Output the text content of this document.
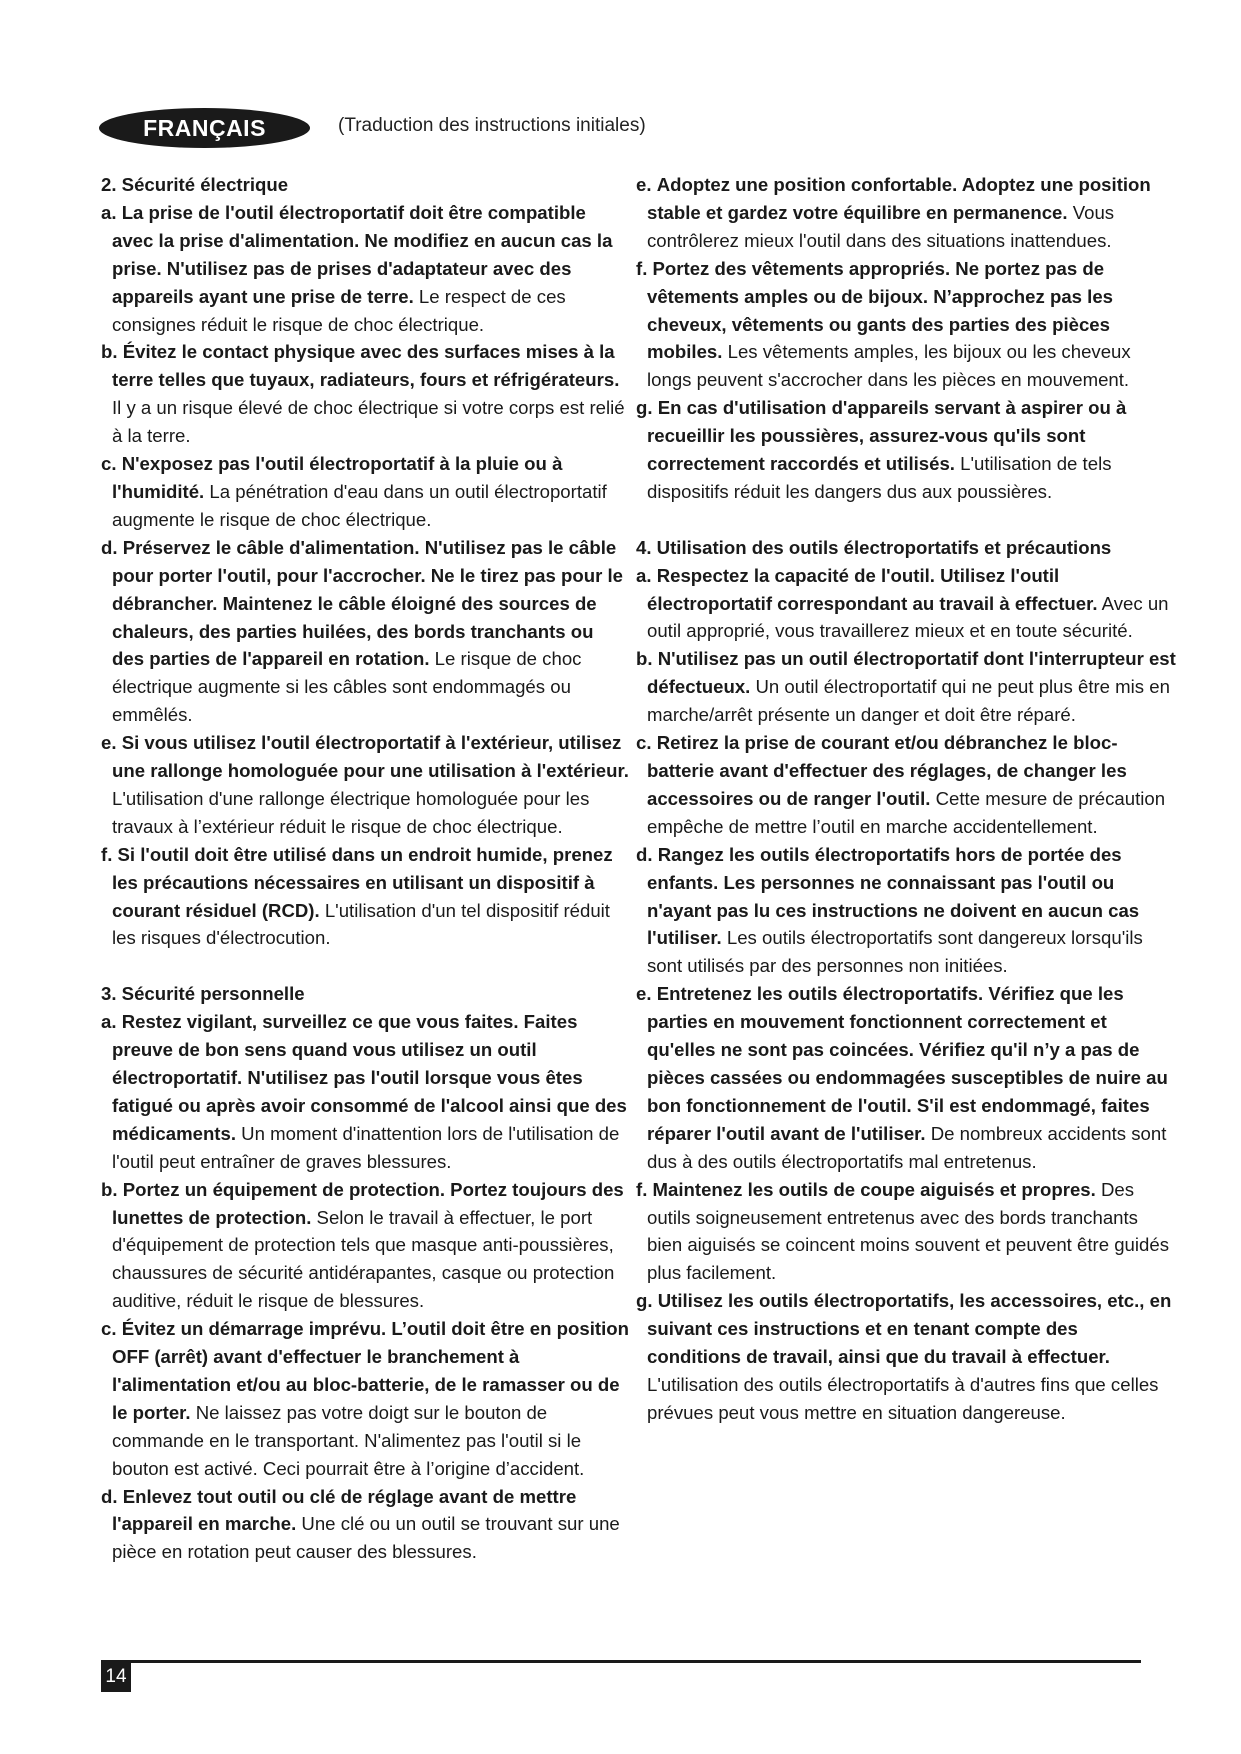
FRANÇAIS	(Traduction des instructions initiales)

2. Sécurité électrique

a. La prise de l'outil électroportatif doit être compatible avec la prise d'alimentation. Ne modifiez en aucun cas la prise. N'utilisez pas de prises d'adaptateur avec des appareils ayant une prise de terre. Le respect de ces consignes réduit le risque de choc électrique.

b. Évitez le contact physique avec des surfaces mises à la terre telles que tuyaux, radiateurs, fours et réfrigérateurs. Il y a un risque élevé de choc électrique si votre corps est relié à la terre.

c. N'exposez pas l'outil électroportatif à la pluie ou à l'humidité. La pénétration d'eau dans un outil électroportatif augmente le risque de choc électrique.

d. Préservez le câble d'alimentation. N'utilisez pas le câble pour porter l'outil, pour l'accrocher. Ne le tirez pas pour le débrancher. Maintenez le câble éloigné des sources de chaleurs, des parties huilées, des bords tranchants ou des parties de l'appareil en rotation. Le risque de choc électrique augmente si les câbles sont endommagés ou emmêlés.

e. Si vous utilisez l'outil électroportatif à l'extérieur, utilisez une rallonge homologuée pour une utilisation à l'extérieur. L'utilisation d'une rallonge électrique homologuée pour les travaux à l’extérieur réduit le risque de choc électrique.

f. Si l'outil doit être utilisé dans un endroit humide, prenez les précautions nécessaires en utilisant un dispositif à courant résiduel (RCD). L'utilisation d'un tel dispositif réduit les risques d'électrocution.

3. Sécurité personnelle

a. Restez vigilant, surveillez ce que vous faites. Faites preuve de bon sens quand vous utilisez un outil électroportatif. N'utilisez pas l'outil lorsque vous êtes fatigué ou après avoir consommé de l'alcool ainsi que des médicaments. Un moment d'inattention lors de l'utilisation de l'outil peut entraîner de graves blessures.

b. Portez un équipement de protection. Portez toujours des lunettes de protection. Selon le travail à effectuer, le port d'équipement de protection tels que masque anti-poussières, chaussures de sécurité antidérapantes, casque ou protection auditive, réduit le risque de blessures.

c. Évitez un démarrage imprévu. L’outil doit être en position OFF (arrêt) avant d'effectuer le branchement à l'alimentation et/ou au bloc-batterie, de le ramasser ou de le porter. Ne laissez pas votre doigt sur le bouton de commande en le transportant. N'alimentez pas l'outil si le bouton est activé. Ceci pourrait être à l’origine d’accident.

d. Enlevez tout outil ou clé de réglage avant de mettre l'appareil en marche. Une clé ou un outil se trouvant sur une pièce en rotation peut causer des blessures.

e. Adoptez une position confortable. Adoptez une position stable et gardez votre équilibre en permanence. Vous contrôlerez mieux l'outil dans des situations inattendues.

f. Portez des vêtements appropriés. Ne portez pas de vêtements amples ou de bijoux. N’approchez pas les cheveux, vêtements ou gants des parties des pièces mobiles. Les vêtements amples, les bijoux ou les cheveux longs peuvent s'accrocher dans les pièces en mouvement.

g. En cas d'utilisation d'appareils servant à aspirer ou à recueillir les poussières, assurez-vous qu'ils sont correctement raccordés et utilisés. L'utilisation de tels dispositifs réduit les dangers dus aux poussières.

4. Utilisation des outils électroportatifs et précautions

a. Respectez la capacité de l'outil. Utilisez l'outil électroportatif correspondant au travail à effectuer. Avec un outil approprié, vous travaillerez mieux et en toute sécurité.

b. N'utilisez pas un outil électroportatif dont l'interrupteur est défectueux. Un outil électroportatif qui ne peut plus être mis en marche/arrêt présente un danger et doit être réparé.

c. Retirez la prise de courant et/ou débranchez le bloc-batterie avant d'effectuer des réglages, de changer les accessoires ou de ranger l'outil. Cette mesure de précaution empêche de mettre l’outil en marche accidentellement.

d. Rangez les outils électroportatifs hors de portée des enfants. Les personnes ne connaissant pas l'outil ou n'ayant pas lu ces instructions ne doivent en aucun cas l'utiliser. Les outils électroportatifs sont dangereux lorsqu'ils sont utilisés par des personnes non initiées.

e. Entretenez les outils électroportatifs. Vérifiez que les parties en mouvement fonctionnent correctement et qu'elles ne sont pas coincées. Vérifiez qu'il n’y a pas de pièces cassées ou endommagées susceptibles de nuire au bon fonctionnement de l'outil. S'il est endommagé, faites réparer l'outil avant de l'utiliser. De nombreux accidents sont dus à des outils électroportatifs mal entretenus.

f. Maintenez les outils de coupe aiguisés et propres. Des outils soigneusement entretenus avec des bords tranchants bien aiguisés se coincent moins souvent et peuvent être guidés plus facilement.

g. Utilisez les outils électroportatifs, les accessoires, etc., en suivant ces instructions et en tenant compte des conditions de travail, ainsi que du travail à effectuer. L'utilisation des outils électroportatifs à d'autres fins que celles prévues peut vous mettre en situation dangereuse.

14
